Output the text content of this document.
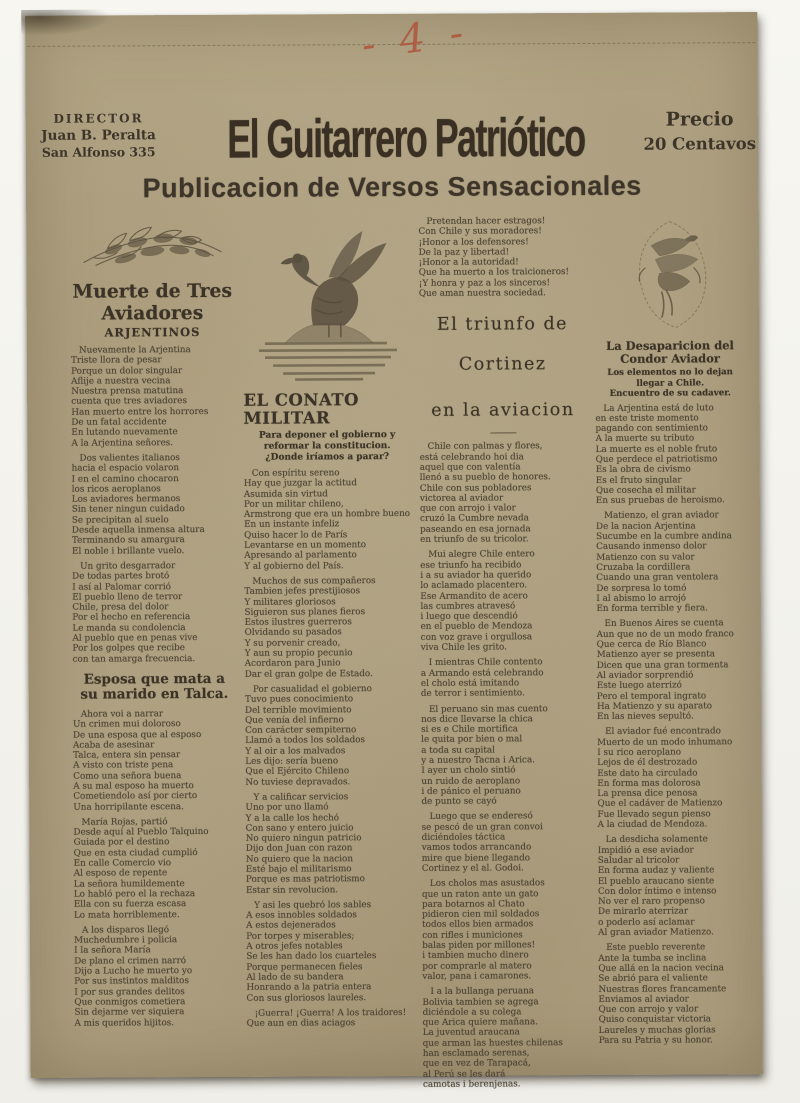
- 4 -
DIRECTOR
Juan B. Peralta
San Alfonso 335	El Guitarrero Patriótico	Precio
20 Centavos
Publicacion de Versos Sensacionales
Muerte de Tres Aviadores
ARJENTINOS

Nuevamente la Arjentina
Triste llora de pesar
Porque un dolor singular
Aflije a nuestra vecina
Nuestra prensa matutina
cuenta que tres aviadores
Han muerto entre los horrores
De un fatal accidente
En lutando nuevamente
A la Arjentina señores.

Dos valientes italianos
hacia el espacio volaron
I en el camino chocaron
los ricos aeroplanos
Los aviadores hermanos
Sin tener ningun cuidado
Se precipitan al suelo
Desde aquella inmensa altura
Terminando su amargura
El noble i brillante vuelo.

Un grito desgarrador
De todas partes brotó
I así al Palomar corrió
El pueblo lleno de terror
Chile, presa del dolor
Por el hecho en referencia
Le manda su condolencia
Al pueblo que en penas vive
Por los golpes que recibe
con tan amarga frecuencia.

Esposa que mata a su marido en Talca.

Ahora voi a narrar
Un crimen mui doloroso
De una esposa que al esposo
Acaba de asesinar
Talca, entera sin pensar
A visto con triste pena
Como una señora buena
A su mal esposo ha muerto
Cometiendolo así por cierto
Una horripilante escena.

María Rojas, partió
Desde aquí al Pueblo Talquino
Guiada por el destino
Que en esta ciudad cumplió
En calle Comercio vio
Al esposo de repente
La señora humildemente
Lo habló pero el la rechaza
Ella con su fuerza escasa
Lo mata horriblemente.

A los disparos llegó
Muchedumbre i policia
I la señora María
De plano el crimen narró
Dijo a Lucho he muerto yo
Por sus instintos malditos
I por sus grandes delitos
Que conmigos cometiera
Sin dejarme ver siquiera
A mis queridos hijitos.

EL CONATO MILITAR
Para deponer el gobierno y reformar la constitucion.
¿Donde iríamos a parar?

Con espíritu sereno
Hay que juzgar la actitud
Asumida sin virtud
Por un militar chileno,
Armstrong que era un hombre bueno
En un instante infeliz
Quiso hacer lo de París
Levantarse en un momento
Apresando al parlamento
Y al gobierno del País.

Muchos de sus compañeros
Tambien jefes prestijiosos
Y militares gloriosos
Siguieron sus planes fieros
Estos ilustres guerreros
Olvidando su pasados
Y su porvenir creado,
Y aun su propio pecunio
Acordaron para Junio
Dar el gran golpe de Estado.

Por casualidad el gobierno
Tuvo pues conocimiento
Del terrible movimiento
Que venía del infierno
Con carácter sempiterno
Llamó a todos los soldados
Y al oir a los malvados
Les dijo: sería bueno
Que el Ejército Chileno
No tuviese depravados.

Y a calificar servicios
Uno por uno llamó
Y a la calle los hechó
Con sano y entero juicio
No quiero ningun patricio
Dijo don Juan con razon
No quiero que la nacion
Esté bajo el militarismo
Porque es mas patriotismo
Estar sin revolucion.

Y asi les quebró los sables
A esos innobles soldados
A estos dejenerados
Por torpes y miserables;
A otros jefes notables
Se les han dado los cuarteles
Porque permanecen fieles
Al lado de su bandera
Honrando a la patria entera
Con sus gloriosos laureles.

¡Guerra! ¡Guerra! A los traidores!
Que aun en dias aciagos

Pretendan hacer estragos!
Con Chile y sus moradores!
¡Honor a los defensores!
De la paz y libertad!
¡Honor a la autoridad!
Que ha muerto a los traicioneros!
¡Y honra y paz a los sinceros!
Que aman nuestra sociedad.

El triunfo de Cortinez
en la aviacion

Chile con palmas y flores,
está celebrando hoi dia
aquel que con valentía
llenó a su pueblo de honores.
Chile con sus pobladores
victorea al aviador
que con arrojo i valor
cruzó la Cumbre nevada
paseando en esa jornada
en triunfo de su tricolor.

Mui alegre Chile entero
ese triunfo ha recibido
i a su aviador ha querido
lo aclamado placentero.
Ese Armandito de acero
las cumbres atravesó
i luego que descendió
en el pueblo de Mendoza
con voz grave i orgullosa
viva Chile les grito.

I mientras Chile contento
a Armando está celebrando
el cholo está imitando
de terror i sentimiento.

El peruano sin mas cuento
nos dice llevarse la chica
si es e Chile mortifica
le quita por bien o mal
a toda su capital
y a nuestro Tacna i Arica.
I ayer un cholo sintió
un ruido de aeroplano
i de pánico el peruano
de punto se cayó

Luego que se enderesó
se pescó de un gran convoi
diciéndoles táctica
vamos todos arrancando
mire que biene llegando
Cortinez y el al. Godoi.

Los cholos mas asustados
que un raton ante un gato
para botarnos al Chato
pidieron cien mil soldados
todos ellos bien armados
con rifles i municiones
balas piden por millones!
i tambien mucho dinero
por comprarle al matero
valor, pana i camarones.

I a la bullanga peruana
Bolivia tambien se agrega
diciéndole a su colega
que Arica quiere mañana.
La juventud araucana
que arman las huestes chilenas
han esclamado serenas,
que en vez de Tarapacá,
al Perú se les dará
camotas i berenjenas.

La Desaparicion del Condor Aviador
Los elementos no lo dejan llegar a Chile.
Encuentro de su cadaver.

La Arjentina está de luto
en este triste momento
pagando con sentimiento
A la muerte su tributo
La muerte es el noble fruto
Que perdece el patriotismo
Es la obra de civismo
Es el fruto singular
Que cosecha el militar
En sus pruebas de heroismo.

Matienzo, el gran aviador
De la nacion Arjentina
Sucumbe en la cumbre andina
Causando inmenso dolor
Matienzo con su valor
Cruzaba la cordillera
Cuando una gran ventolera
De sorpresa lo tomó
I al abismo lo arrojó
En forma terrible y fiera.

En Buenos Aires se cuenta
Aun que no de un modo franco
Que cerca de Río Blanco
Matienzo ayer se presenta
Dicen que una gran tormenta
Al aviador sorprendió
Este luego aterrizó
Pero el temporal ingrato
Ha Matienzo y su aparato
En las nieves sepultó.

El aviador fué encontrado
Muerto de un modo inhumano
I su rico aeroplano
Lejos de él destrozado
Este dato ha circulado
En forma mas dolorosa
La prensa dice penosa
Que el cadáver de Matienzo
Fue llevado segun pienso
A la ciudad de Mendoza.

La desdicha solamente
Impidió a ese aviador
Saludar al tricolor
En forma audaz y valiente
El pueblo araucano siente
Con dolor íntimo e intenso
No ver el raro propenso
De mirarlo aterrizar
o poderlo así aclamar
Al gran aviador Matienzo.

Este pueblo reverente
Ante la tumba se inclina
Que allá en la nacion vecina
Se abrió para el valiente
Nuestras flores francamente
Enviamos al aviador
Que con arrojo y valor
Quiso conquistar victoria
Laureles y muchas glorias
Para su Patria y su honor.
